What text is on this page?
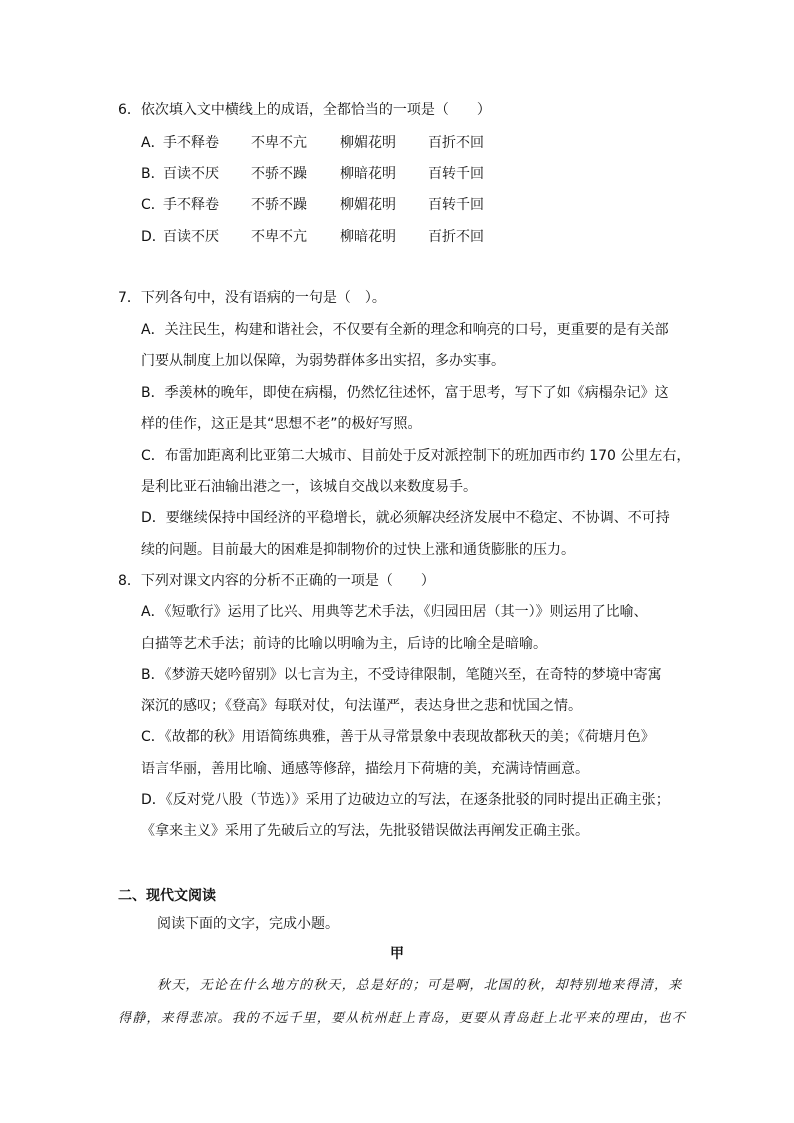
6．依次填入文中横线上的成语，全都恰当的一项是（　　）
A．
手不释卷 不卑不亢 柳媚花明 百折不回
B．
百读不厌 不骄不躁 柳暗花明 百转千回
C．
手不释卷 不骄不躁 柳媚花明 百转千回
D．
百读不厌 不卑不亢 柳暗花明 百折不回
7．下列各句中，没有语病的一句是（　）。
A．关注民生，构建和谐社会，不仅要有全新的理念和响亮的口号，更重要的是有关部
门要从制度上加以保障，为弱势群体多出实招，多办实事。
B．季羡林的晚年，即使在病榻，仍然忆往述怀，富于思考，写下了如《病榻杂记》这
样的佳作，这正是其“思想不老”的极好写照。
C．布雷加距离利比亚第二大城市、目前处于反对派控制下的班加西市约 170 公里左右，
是利比亚石油输出港之一，该城自交战以来数度易手。
D．要继续保持中国经济的平稳增长，就必须解决经济发展中不稳定、不协调、不可持
续的问题。目前最大的困难是抑制物价的过快上涨和通货膨胀的压力。
8．下列对课文内容的分析不正确的一项是（　　）
A．《短歌行》运用了比兴、用典等艺术手法，《归园田居（其一）》则运用了比喻、
白描等艺术手法；前诗的比喻以明喻为主，后诗的比喻全是暗喻。
B．《梦游天姥吟留别》以七言为主，不受诗律限制，笔随兴至，在奇特的梦境中寄寓
深沉的感叹；《登高》每联对仗，句法谨严，表达身世之悲和忧国之情。
C．《故都的秋》用语简练典雅，善于从寻常景象中表现故都秋天的美；《荷塘月色》
语言华丽，善用比喻、通感等修辞，描绘月下荷塘的美，充满诗情画意。
D．《反对党八股（节选）》采用了边破边立的写法，在逐条批驳的同时提出正确主张；
《拿来主义》采用了先破后立的写法，先批驳错误做法再阐发正确主张。
二、现代文阅读
阅读下面的文字，完成小题。
甲
秋天，无论在什么地方的秋天，总是好的；可是啊，北国的秋，却特别地来得清，来
得静，来得悲凉。我的不远千里，要从杭州赶上青岛，更要从青岛赶上北平来的理由，也不
